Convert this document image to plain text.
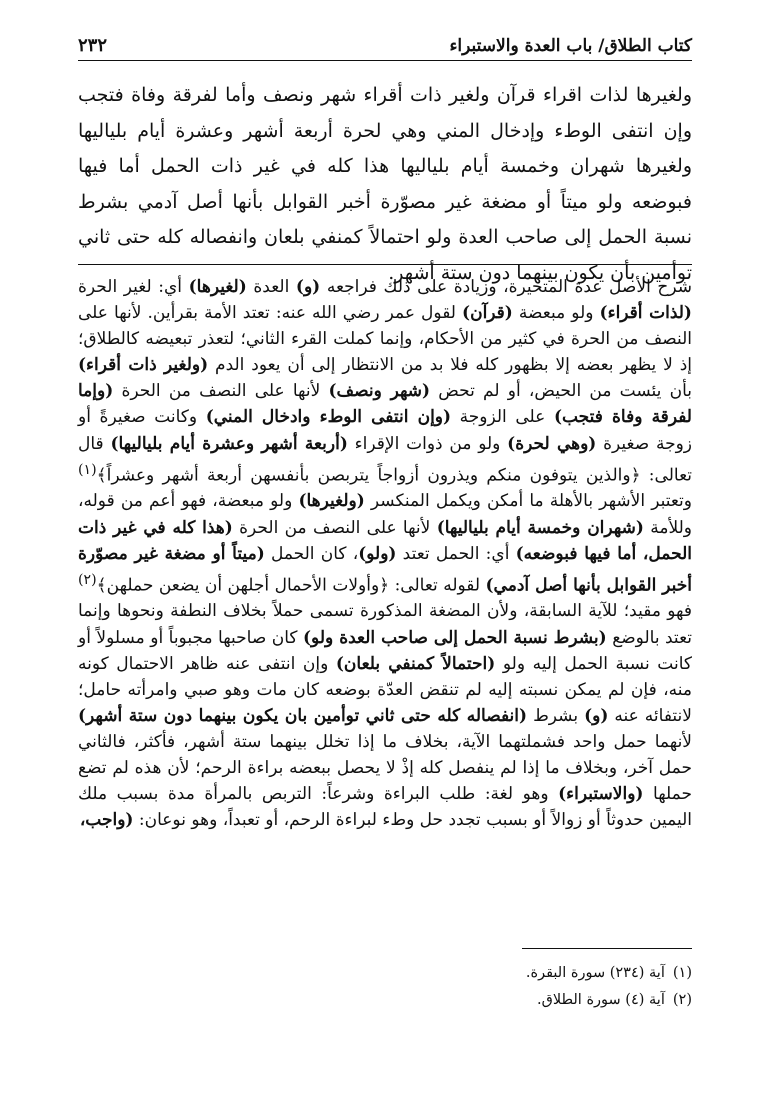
كتاب الطلاق/ باب العدة والاستبراء
٢٣٢

ولغيرها لذات اقراء قرآن ولغير ذات أقراء شهر ونصف وأما لفرقة وفاة فتجب وإن انتفى الوطء وإدخال المني وهي لحرة أربعة أشهر وعشرة أيام بلياليها ولغيرها شهران وخمسة أيام بلياليها هذا كله في غير ذات الحمل أما فيها فبوضعه ولو ميتاً أو مضغة غير مصوّرة أخبر القوابل بأنها أصل آدمي بشرط نسبة الحمل إلى صاحب العدة ولو احتمالاً كمنفي بلعان وانفصاله كله حتى ثاني توأمين بأن يكون بينهما دون ستة أشهر.

شرح الأصل عدة المتحيرة، وزيادة على ذلك فراجعه (و) العدة (لغيرها) أي: لغير الحرة (لذات أقراء) ولو مبعضة (قرآن) لقول عمر رضي الله عنه: تعتد الأمة بقرأين. لأنها على النصف من الحرة في كثير من الأحكام، وإنما كملت القرء الثاني؛ لتعذر تبعيضه كالطلاق؛ إذ لا يظهر بعضه إلا بظهور كله فلا بد من الانتظار إلى أن يعود الدم (ولغير ذات أقراء) بأن يئست من الحيض، أو لم تحض (شهر ونصف) لأنها على النصف من الحرة (وإما لفرقة وفاة فتجب) على الزوجة (وإن انتفى الوطء وادخال المني) وكانت صغيرةً أو زوجة صغيرة (وهي لحرة) ولو من ذوات الإقراء (أربعة أشهر وعشرة أيام بلياليها) قال تعالى: ﴿والذين يتوفون منكم ويذرون أزواجاً يتربصن بأنفسهن أربعة أشهر وعشراً﴾$^{(١)}$ وتعتبر الأشهر بالأهلة ما أمكن ويكمل المنكسر (ولغيرها) ولو مبعضة، فهو أعم من قوله، وللأمة (شهران وخمسة أيام بلياليها) لأنها على النصف من الحرة (هذا كله في غير ذات الحمل، أما فيها فبوضعه) أي: الحمل تعتد (ولو)، كان الحمل (ميتاً أو مضغة غير مصوّرة أخبر القوابل بأنها أصل آدمي) لقوله تعالى: ﴿وأولات الأحمال أجلهن أن يضعن حملهن﴾$^{(٢)}$ فهو مقيد؛ للآية السابقة، ولأن المضغة المذكورة تسمى حملاً بخلاف النطفة ونحوها وإنما تعتد بالوضع (بشرط نسبة الحمل إلى صاحب العدة ولو) كان صاحبها مجبوباً أو مسلولاً أو كانت نسبة الحمل إليه ولو (احتمالاً كمنفي بلعان) وإن انتفى عنه ظاهر الاحتمال كونه منه، فإن لم يمكن نسبته إليه لم تنقض العدّة بوضعه كان مات وهو صبي وامرأته حامل؛ لانتفائه عنه (و) بشرط (انفصاله كله حتى ثاني توأمين بان يكون بينهما دون ستة أشهر) لأنهما حمل واحد فشملتهما الآية، بخلاف ما إذا تخلل بينهما ستة أشهر، فأكثر، فالثاني حمل آخر، وبخلاف ما إذا لم ينفصل كله إذْ لا يحصل ببعضه براءة الرحم؛ لأن هذه لم تضع حملها (والاستبراء) وهو لغة: طلب البراءة وشرعاً: التربص بالمرأة مدة بسبب ملك اليمين حدوثاً أو زوالاً أو بسبب تجدد حل وطء لبراءة الرحم، أو تعبداً، وهو نوعان: (واجب،

(١)آية (٢٣٤) سورة البقرة.
(٢)آية (٤) سورة الطلاق.
